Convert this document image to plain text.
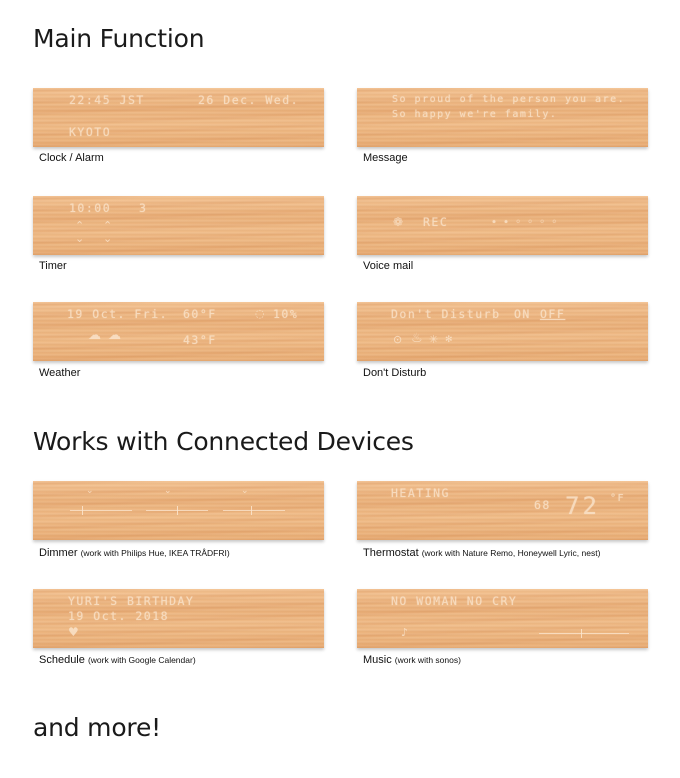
Main Function
22:45 JST	26 Dec. Wed.
KYOTO
Clock / Alarm
So proud of the person you are.
So happy we're family.
Message
10:00 3
⌃ ⌃
⌄ ⌄
Timer
❁ REC	• • ◦ ◦ ◦ ◦
Voice mail
19 Oct. Fri. 60°F	◌ 10%
☁ ☁	43°F
Weather
Don't Disturb ON OFF
⊙ ♨ ✳ ✻
Don't Disturb
Works with Connected Devices
⌄	⌄	⌄
Dimmer (work with Philips Hue, IKEA TRÅDFRI)
HEATING
68 72 °F
Thermostat (work with Nature Remo, Honeywell Lyric, nest)
YURI'S BIRTHDAY
19 Oct. 2018
♥
Schedule (work with Google Calendar)
NO WOMAN NO CRY
♪
Music (work with sonos)
and more!
